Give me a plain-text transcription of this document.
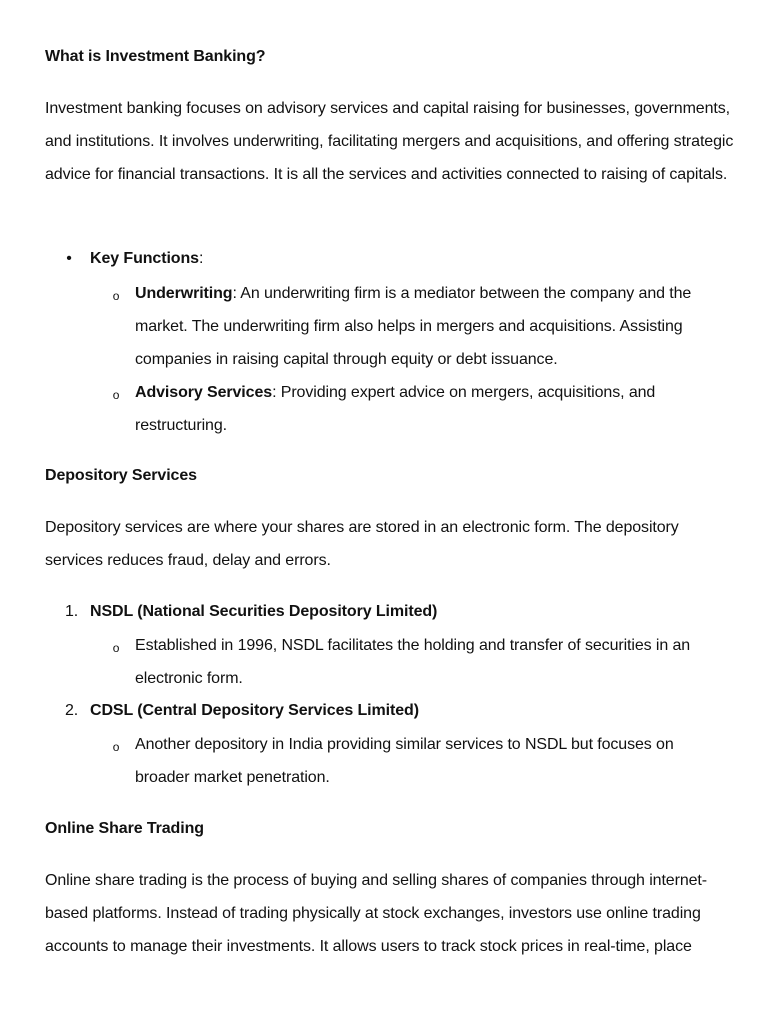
What is Investment Banking?
Investment banking focuses on advisory services and capital raising for businesses, governments, and institutions. It involves underwriting, facilitating mergers and acquisitions, and offering strategic advice for financial transactions. It is all the services and activities connected to raising of capitals.
• Key Functions:
o Underwriting: An underwriting firm is a mediator between the company and the market. The underwriting firm also helps in mergers and acquisitions. Assisting companies in raising capital through equity or debt issuance.
o Advisory Services: Providing expert advice on mergers, acquisitions, and restructuring.
Depository Services
Depository services are where your shares are stored in an electronic form. The depository services reduces fraud, delay and errors.
1. NSDL (National Securities Depository Limited)
o Established in 1996, NSDL facilitates the holding and transfer of securities in an electronic form.
2. CDSL (Central Depository Services Limited)
o Another depository in India providing similar services to NSDL but focuses on broader market penetration.
Online Share Trading
Online share trading is the process of buying and selling shares of companies through internet-based platforms. Instead of trading physically at stock exchanges, investors use online trading accounts to manage their investments. It allows users to track stock prices in real-time, place
